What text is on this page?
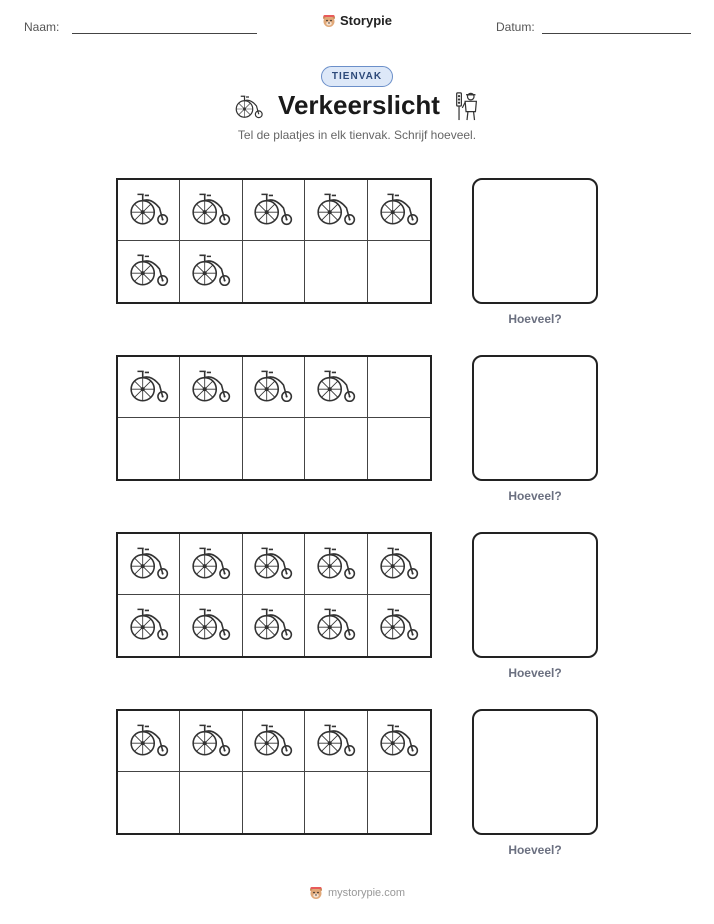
Naam:	Datum:
Storypie
TIENVAK
Verkeerslicht
Tel de plaatjes in elk tienvak. Schrijf hoeveel.
Hoeveel?
Hoeveel?
Hoeveel?
Hoeveel?
mystorypie.com
